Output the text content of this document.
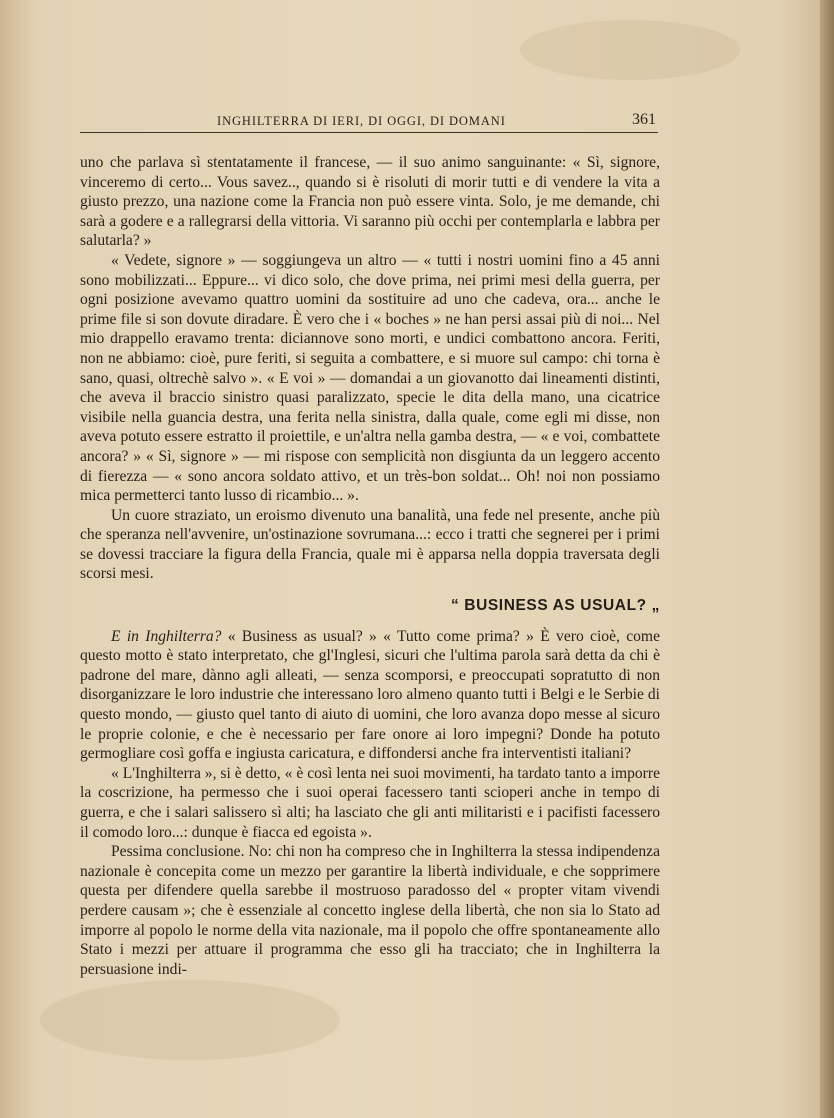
INGHILTERRA DI IERI, DI OGGI, DI DOMANI	361

uno che parlava sì stentatamente il francese, — il suo animo sanguinante: « Sì, signore, vinceremo di certo... Vous savez.., quando si è risoluti di morir tutti e di vendere la vita a giusto prezzo, una nazione come la Francia non può essere vinta. Solo, je me demande, chi sarà a godere e a rallegrarsi della vittoria. Vi saranno più occhi per contemplarla e labbra per salutarla? »

« Vedete, signore » — soggiungeva un altro — « tutti i nostri uomini fino a 45 anni sono mobilizzati... Eppure... vi dico solo, che dove prima, nei primi mesi della guerra, per ogni posizione avevamo quattro uomini da sostituire ad uno che cadeva, ora... anche le prime file si son dovute diradare. È vero che i « boches » ne han persi assai più di noi... Nel mio drappello eravamo trenta: diciannove sono morti, e undici combattono ancora. Feriti, non ne abbiamo: cioè, pure feriti, si seguita a combattere, e si muore sul campo: chi torna è sano, quasi, oltrechè salvo ». « E voi » — domandai a un giovanotto dai lineamenti distinti, che aveva il braccio sinistro quasi paralizzato, specie le dita della mano, una cicatrice visibile nella guancia destra, una ferita nella sinistra, dalla quale, come egli mi disse, non aveva potuto essere estratto il proiettile, e un'altra nella gamba destra, — « e voi, combattete ancora? » « Sì, signore » — mi rispose con semplicità non disgiunta da un leggero accento di fierezza — « sono ancora soldato attivo, et un très-bon soldat... Oh! noi non possiamo mica permetterci tanto lusso di ricambio... ».

Un cuore straziato, un eroismo divenuto una banalità, una fede nel presente, anche più che speranza nell'avvenire, un'ostinazione sovrumana...: ecco i tratti che segnerei per i primi se dovessi tracciare la figura della Francia, quale mi è apparsa nella doppia traversata degli scorsi mesi.

“ BUSINESS AS USUAL? „

E in Inghilterra? « Business as usual? » « Tutto come prima? » È vero cioè, come questo motto è stato interpretato, che gl'Inglesi, sicuri che l'ultima parola sarà detta da chi è padrone del mare, dànno agli alleati, — senza scomporsi, e preoccupati sopratutto di non disorganizzare le loro industrie che interessano loro almeno quanto tutti i Belgi e le Serbie di questo mondo, — giusto quel tanto di aiuto di uomini, che loro avanza dopo messe al sicuro le proprie colonie, e che è necessario per fare onore ai loro impegni? Donde ha potuto germogliare così goffa e ingiusta caricatura, e diffondersi anche fra interventisti italiani?

« L'Inghilterra », si è detto, « è così lenta nei suoi movimenti, ha tardato tanto a imporre la coscrizione, ha permesso che i suoi operai facessero tanti scioperi anche in tempo di guerra, e che i salari salissero sì alti; ha lasciato che gli anti militaristi e i pacifisti facessero il comodo loro...: dunque è fiacca ed egoista ».

Pessima conclusione. No: chi non ha compreso che in Inghilterra la stessa indipendenza nazionale è concepita come un mezzo per garantire la libertà individuale, e che sopprimere questa per difendere quella sarebbe il mostruoso paradosso del « propter vitam vivendi perdere causam »; che è essenziale al concetto inglese della libertà, che non sia lo Stato ad imporre al popolo le norme della vita nazionale, ma il popolo che offre spontaneamente allo Stato i mezzi per attuare il programma che esso gli ha tracciato; che in Inghilterra la persuasione indi-
